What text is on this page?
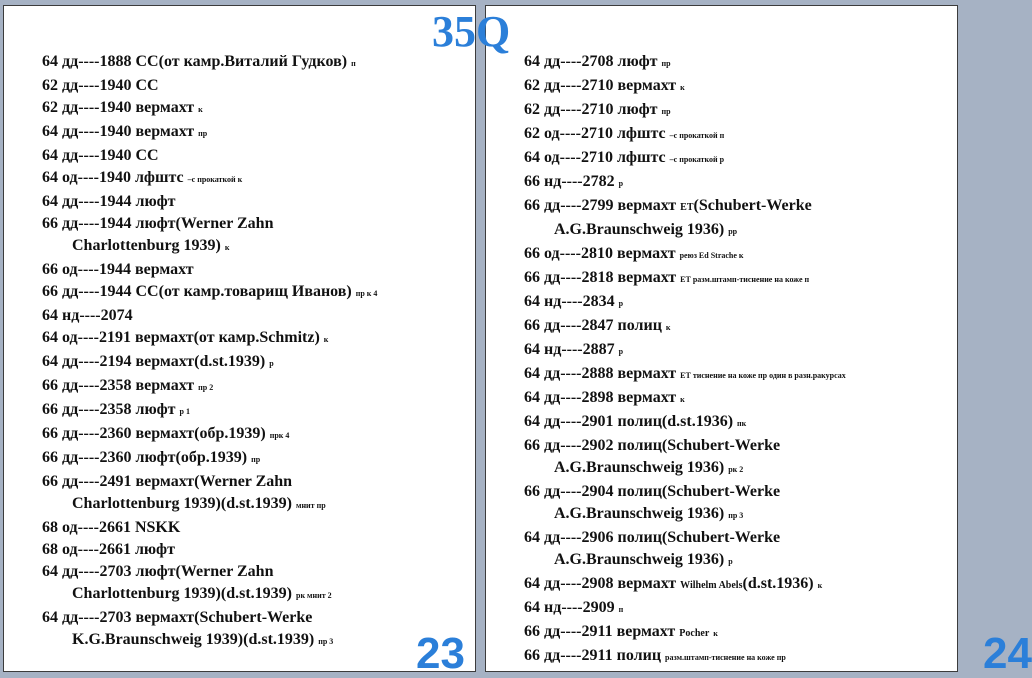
64 дд----1888 СС(от камр.Виталий Гудков) п
62 дд----1940 СС
62 дд----1940 вермахт к
64 дд----1940 вермахт пр
64 дд----1940 СС
64 од----1940 лфштс –с прокаткой к
64 дд----1944 люфт
66 дд----1944 люфт(Werner Zahn
Charlottenburg 1939) к
66 од----1944 вермахт
66 дд----1944 СС(от камр.товарищ Иванов) пр к 4
64 нд----2074
64 од----2191 вермахт(от камр.Schmitz) к
64 дд----2194 вермахт(d.st.1939) р
66 дд----2358 вермахт пр 2
66 дд----2358 люфт р 1
66 дд----2360 вермахт(обр.1939) прк 4
66 дд----2360 люфт(обр.1939) пр
66 дд----2491 вермахт(Werner Zahn
Charlottenburg 1939)(d.st.1939) мнит пр
68 од----2661 NSKK
68 од----2661 люфт
64 дд----2703 люфт(Werner Zahn
Charlottenburg 1939)(d.st.1939) рк мнит 2
64 дд----2703 вермахт(Schubert-Werke
K.G.Braunschweig 1939)(d.st.1939) пр 3	23
64 дд----2708 люфт пр
62 дд----2710 вермахт к
62 дд----2710 люфт пр
62 од----2710 лфштс –с прокаткой п
64 од----2710 лфштс –с прокаткой р
66 нд----2782 р
66 дд----2799 вермахт ЕТ(Schubert-Werke
A.G.Braunschweig 1936) рр
66 од----2810 вермахт реюз Ed Strache к
66 дд----2818 вермахт ЕТ разм.штамп-тиснение на коже п
64 нд----2834 р
66 дд----2847 полиц к
64 нд----2887 р
64 дд----2888 вермахт ЕТ тиснение на коже пр один в разн.ракурсах
64 дд----2898 вермахт к
64 дд----2901 полиц(d.st.1936) пк
66 дд----2902 полиц(Schubert-Werke
A.G.Braunschweig 1936) рк 2
66 дд----2904 полиц(Schubert-Werke
A.G.Braunschweig 1936) пр 3
64 дд----2906 полиц(Schubert-Werke
A.G.Braunschweig 1936) р
64 дд----2908 вермахт Wilhelm Abels(d.st.1936) к
64 нд----2909 п
66 дд----2911 вермахт Pocher к
66 дд----2911 полиц разм.штамп-тиснение на коже пр	24
35Q
